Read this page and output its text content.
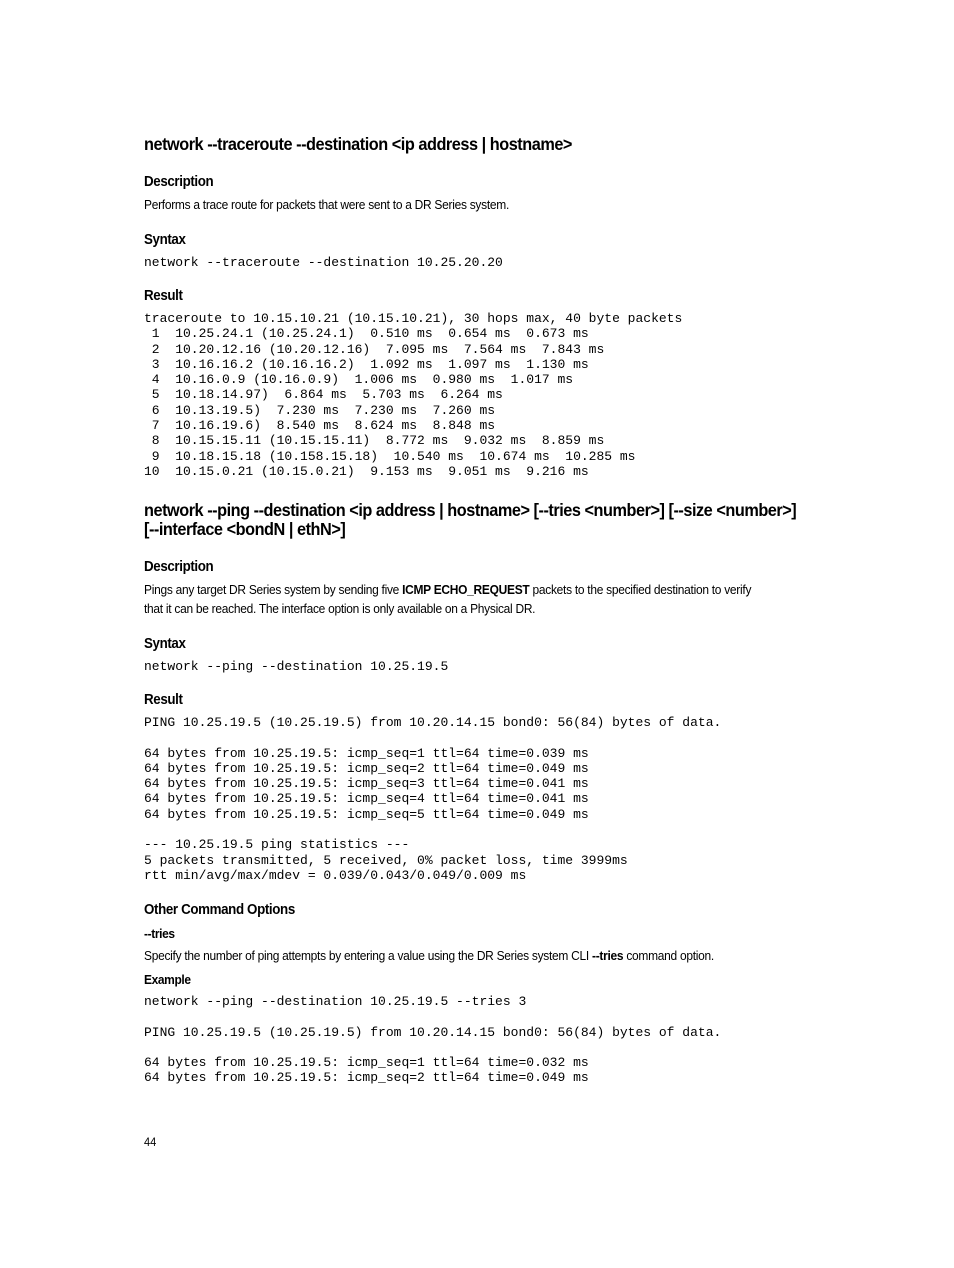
network --traceroute --destination <ip address | hostname>
Description
Performs a trace route for packets that were sent to a DR Series system.
Syntax
network --traceroute --destination 10.25.20.20
Result
traceroute to 10.15.10.21 (10.15.10.21), 30 hops max, 40 byte packets
1  10.25.24.1 (10.25.24.1)  0.510 ms  0.654 ms  0.673 ms
2  10.20.12.16 (10.20.12.16)  7.095 ms  7.564 ms  7.843 ms
3  10.16.16.2 (10.16.16.2)  1.092 ms  1.097 ms  1.130 ms
4  10.16.0.9 (10.16.0.9)  1.006 ms  0.980 ms  1.017 ms
5  10.18.14.97)  6.864 ms  5.703 ms  6.264 ms
6  10.13.19.5)  7.230 ms  7.230 ms  7.260 ms
7  10.16.19.6)  8.540 ms  8.624 ms  8.848 ms
8  10.15.15.11 (10.15.15.11)  8.772 ms  9.032 ms  8.859 ms
9  10.18.15.18 (10.158.15.18)  10.540 ms  10.674 ms  10.285 ms
10  10.15.0.21 (10.15.0.21)  9.153 ms  9.051 ms  9.216 ms
network --ping --destination <ip address | hostname> [--tries <number>] [--size <number>]
[--interface <bondN | ethN>]
Description
Pings any target DR Series system by sending five ICMP ECHO_REQUEST packets to the specified destination to verify
that it can be reached. The interface option is only available on a Physical DR.
Syntax
network --ping --destination 10.25.19.5
Result
PING 10.25.19.5 (10.25.19.5) from 10.20.14.15 bond0: 56(84) bytes of data.

64 bytes from 10.25.19.5: icmp_seq=1 ttl=64 time=0.039 ms
64 bytes from 10.25.19.5: icmp_seq=2 ttl=64 time=0.049 ms
64 bytes from 10.25.19.5: icmp_seq=3 ttl=64 time=0.041 ms
64 bytes from 10.25.19.5: icmp_seq=4 ttl=64 time=0.041 ms
64 bytes from 10.25.19.5: icmp_seq=5 ttl=64 time=0.049 ms

--- 10.25.19.5 ping statistics ---
5 packets transmitted, 5 received, 0% packet loss, time 3999ms
rtt min/avg/max/mdev = 0.039/0.043/0.049/0.009 ms
Other Command Options
--tries
Specify the number of ping attempts by entering a value using the DR Series system CLI --tries command option.
Example
network --ping --destination 10.25.19.5 --tries 3

PING 10.25.19.5 (10.25.19.5) from 10.20.14.15 bond0: 56(84) bytes of data.

64 bytes from 10.25.19.5: icmp_seq=1 ttl=64 time=0.032 ms
64 bytes from 10.25.19.5: icmp_seq=2 ttl=64 time=0.049 ms
44
